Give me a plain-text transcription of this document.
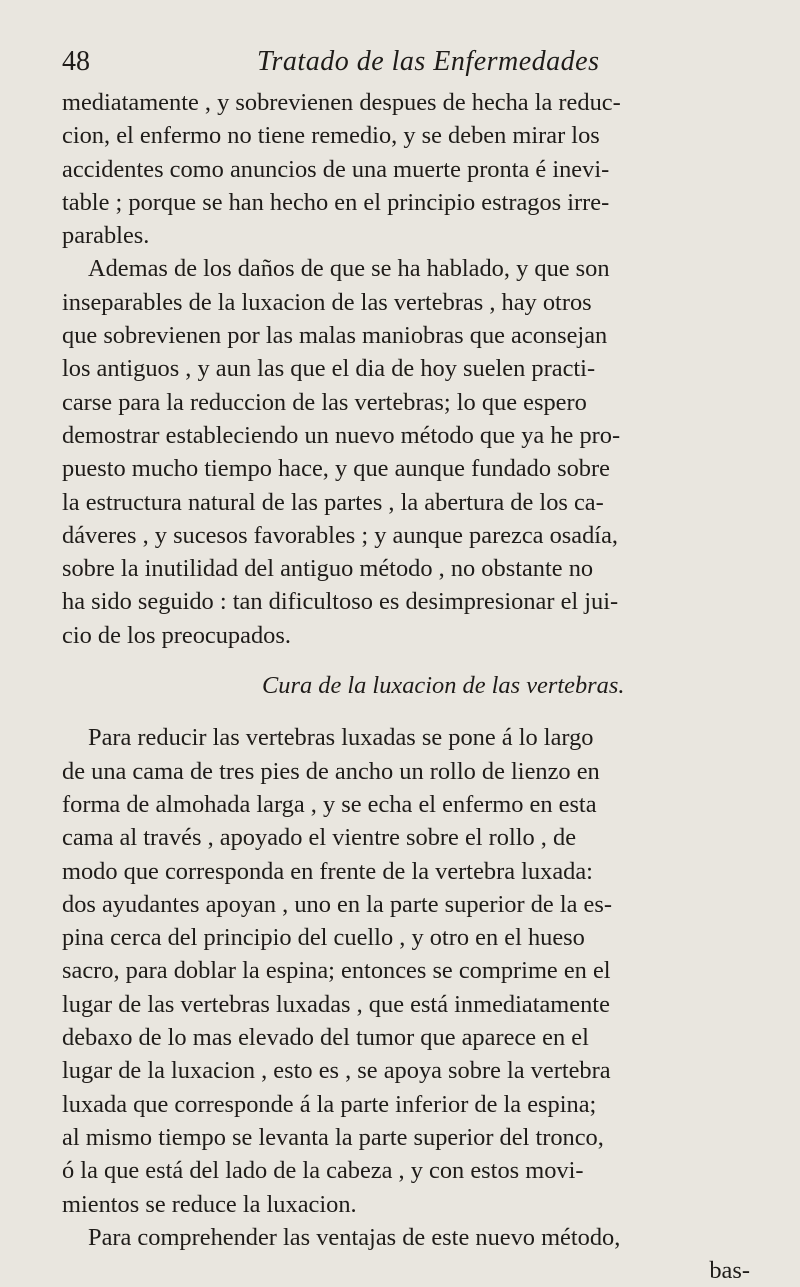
48	Tratado de las Enfermedades
mediatamente , y sobrevienen despues de hecha la reduc-
cion, el enfermo no tiene remedio, y se deben mirar los
accidentes como anuncios de una muerte pronta é inevi-
table ; porque se han hecho en el principio estragos irre-
parables.
Ademas de los daños de que se ha hablado, y que son
inseparables de la luxacion de las vertebras , hay otros
que sobrevienen por las malas maniobras que aconsejan
los antiguos , y aun las que el dia de hoy suelen practi-
carse para la reduccion de las vertebras; lo que espero
demostrar estableciendo un nuevo método que ya he pro-
puesto mucho tiempo hace, y que aunque fundado sobre
la estructura natural de las partes , la abertura de los ca-
dáveres , y sucesos favorables ; y aunque parezca osadía,
sobre la inutilidad del antiguo método , no obstante no
ha sido seguido : tan dificultoso es desimpresionar el jui-
cio de los preocupados.
Cura de la luxacion de las vertebras.
Para reducir las vertebras luxadas se pone á lo largo
de una cama de tres pies de ancho un rollo de lienzo en
forma de almohada larga , y se echa el enfermo en esta
cama al través , apoyado el vientre sobre el rollo , de
modo que corresponda en frente de la vertebra luxada:
dos ayudantes apoyan , uno en la parte superior de la es-
pina cerca del principio del cuello , y otro en el hueso
sacro, para doblar la espina; entonces se comprime en el
lugar de las vertebras luxadas , que está inmediatamente
debaxo de lo mas elevado del tumor que aparece en el
lugar de la luxacion , esto es , se apoya sobre la vertebra
luxada que corresponde á la parte inferior de la espina;
al mismo tiempo se levanta la parte superior del tronco,
ó la que está del lado de la cabeza , y con estos movi-
mientos se reduce la luxacion.
Para comprehender las ventajas de este nuevo método,
bas-
